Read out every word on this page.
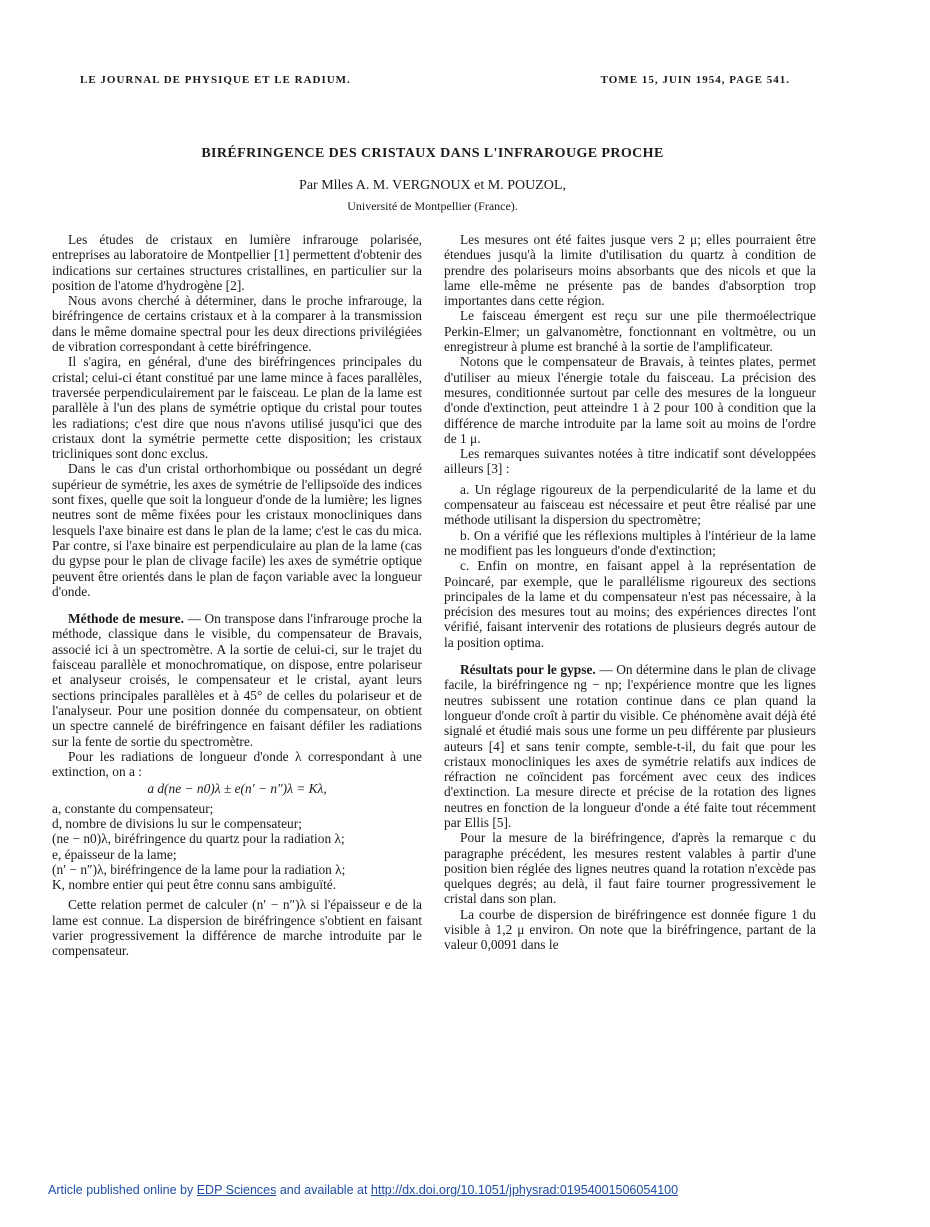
LE JOURNAL DE PHYSIQUE ET LE RADIUM.	TOME 15, JUIN 1954, PAGE 541.
BIRÉFRINGENCE DES CRISTAUX DANS L'INFRAROUGE PROCHE
Par Mlles A. M. VERGNOUX et M. POUZOL,
Université de Montpellier (France).

Les études de cristaux en lumière infrarouge polarisée, entreprises au laboratoire de Montpellier [1] permettent d'obtenir des indications sur certaines structures cristallines, en particulier sur la position de l'atome d'hydrogène [2].

Nous avons cherché à déterminer, dans le proche infrarouge, la biréfringence de certains cristaux et à la comparer à la transmission dans le même domaine spectral pour les deux directions privilégiées de vibration correspondant à cette biréfringence.

Il s'agira, en général, d'une des biréfringences principales du cristal; celui-ci étant constitué par une lame mince à faces parallèles, traversée perpendiculairement par le faisceau. Le plan de la lame est parallèle à l'un des plans de symétrie optique du cristal pour toutes les radiations; c'est dire que nous n'avons utilisé jusqu'ici que des cristaux dont la symétrie permette cette disposition; les cristaux tricliniques sont donc exclus.

Dans le cas d'un cristal orthorhombique ou possédant un degré supérieur de symétrie, les axes de symétrie de l'ellipsoïde des indices sont fixes, quelle que soit la longueur d'onde de la lumière; les lignes neutres sont de même fixées pour les cristaux monocliniques dans lesquels l'axe binaire est dans le plan de la lame; c'est le cas du mica. Par contre, si l'axe binaire est perpendiculaire au plan de la lame (cas du gypse pour le plan de clivage facile) les axes de symétrie optique peuvent être orientés dans le plan de façon variable avec la longueur d'onde.

Méthode de mesure. — On transpose dans l'infrarouge proche la méthode, classique dans le visible, du compensateur de Bravais, associé ici à un spectromètre. A la sortie de celui-ci, sur le trajet du faisceau parallèle et monochromatique, on dispose, entre polariseur et analyseur croisés, le compensateur et le cristal, ayant leurs sections principales parallèles et à 45° de celles du polariseur et de l'analyseur. Pour une position donnée du compensateur, on obtient un spectre cannelé de biréfringence en faisant défiler les radiations sur la fente de sortie du spectromètre.

Pour les radiations de longueur d'onde λ correspondant à une extinction, on a :

a d(ne − n0)λ ± e(n′ − n″)λ = Kλ,

a, constante du compensateur;

d, nombre de divisions lu sur le compensateur;

(ne − n0)λ, biréfringence du quartz pour la radiation λ;

e, épaisseur de la lame;

(n′ − n″)λ, biréfringence de la lame pour la radiation λ;

K, nombre entier qui peut être connu sans ambiguïté.

Cette relation permet de calculer (n′ − n″)λ si l'épaisseur e de la lame est connue. La dispersion de biréfringence s'obtient en faisant varier progressivement la différence de marche introduite par le compensateur.

Les mesures ont été faites jusque vers 2 μ; elles pourraient être étendues jusqu'à la limite d'utilisation du quartz à condition de prendre des polariseurs moins absorbants que des nicols et que la lame elle-même ne présente pas de bandes d'absorption trop importantes dans cette région.

Le faisceau émergent est reçu sur une pile thermoélectrique Perkin-Elmer; un galvanomètre, fonctionnant en voltmètre, ou un enregistreur à plume est branché à la sortie de l'amplificateur.

Notons que le compensateur de Bravais, à teintes plates, permet d'utiliser au mieux l'énergie totale du faisceau. La précision des mesures, conditionnée surtout par celle des mesures de la longueur d'onde d'extinction, peut atteindre 1 à 2 pour 100 à condition que la différence de marche introduite par la lame soit au moins de l'ordre de 1 μ.

Les remarques suivantes notées à titre indicatif sont développées ailleurs [3] :

a. Un réglage rigoureux de la perpendicularité de la lame et du compensateur au faisceau est nécessaire et peut être réalisé par une méthode utilisant la dispersion du spectromètre;

b. On a vérifié que les réflexions multiples à l'intérieur de la lame ne modifient pas les longueurs d'onde d'extinction;

c. Enfin on montre, en faisant appel à la représentation de Poincaré, par exemple, que le parallélisme rigoureux des sections principales de la lame et du compensateur n'est pas nécessaire, à la précision des mesures tout au moins; des expériences directes l'ont vérifié, faisant intervenir des rotations de plusieurs degrés autour de la position optima.

Résultats pour le gypse. — On détermine dans le plan de clivage facile, la biréfringence ng − np; l'expérience montre que les lignes neutres subissent une rotation continue dans ce plan quand la longueur d'onde croît à partir du visible. Ce phénomène avait déjà été signalé et étudié mais sous une forme un peu différente par plusieurs auteurs [4] et sans tenir compte, semble-t-il, du fait que pour les cristaux monocliniques les axes de symétrie relatifs aux indices de réfraction ne coïncident pas forcément avec ceux des indices d'extinction. La mesure directe et précise de la rotation des lignes neutres en fonction de la longueur d'onde a été faite tout récemment par Ellis [5].

Pour la mesure de la biréfringence, d'après la remarque c du paragraphe précédent, les mesures restent valables à partir d'une position bien réglée des lignes neutres quand la rotation n'excède pas quelques degrés; au delà, il faut faire tourner progressivement le cristal dans son plan.

La courbe de dispersion de biréfringence est donnée figure 1 du visible à 1,2 μ environ. On note que la biréfringence, partant de la valeur 0,0091 dans le

Article published online by EDP Sciences and available at http://dx.doi.org/10.1051/jphysrad:01954001506054100
